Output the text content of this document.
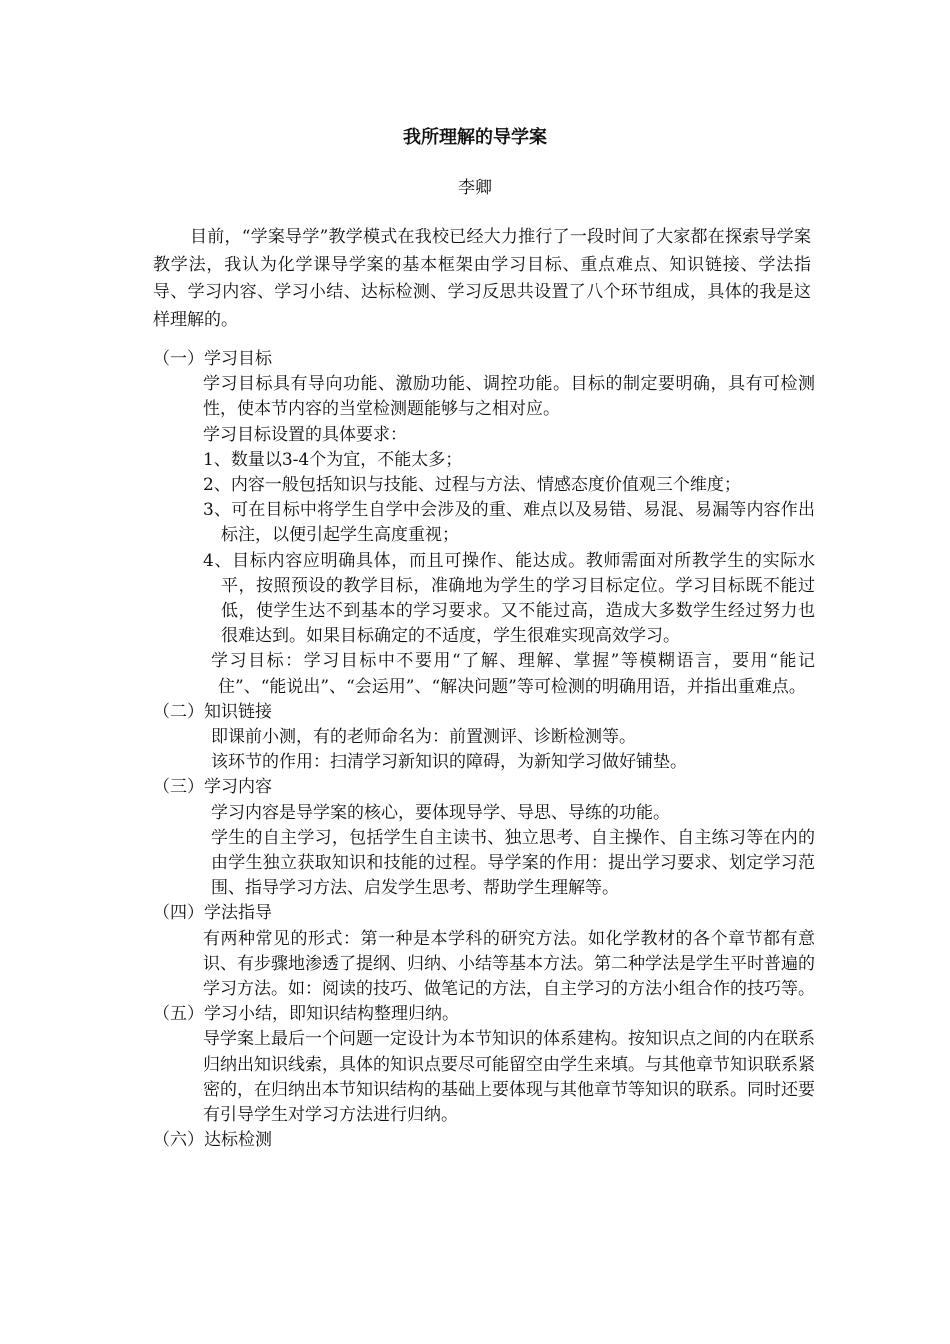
我所理解的导学案
李卿

目前，“学案导学”教学模式在我校已经大力推行了一段时间了大家都在探索导学案教学法，我认为化学课导学案的基本框架由学习目标、重点难点、知识链接、学法指导、学习内容、学习小结、达标检测、学习反思共设置了八个环节组成，具体的我是这样理解的。

（一）学习目标

学习目标具有导向功能、激励功能、调控功能。目标的制定要明确，具有可检测性，使本节内容的当堂检测题能够与之相对应。

学习目标设置的具体要求：

1、数量以3-4个为宜，不能太多；

2、内容一般包括知识与技能、过程与方法、情感态度价值观三个维度；

3、可在目标中将学生自学中会涉及的重、难点以及易错、易混、易漏等内容作出标注，以便引起学生高度重视；

4、目标内容应明确具体，而且可操作、能达成。教师需面对所教学生的实际水平，按照预设的教学目标，准确地为学生的学习目标定位。学习目标既不能过低，使学生达不到基本的学习要求。又不能过高，造成大多数学生经过努力也很难达到。如果目标确定的不适度，学生很难实现高效学习。

学习目标：学习目标中不要用“了解、理解、掌握”等模糊语言，要用“能记住”、“能说出”、“会运用”、“解决问题”等可检测的明确用语，并指出重难点。

（二）知识链接

即课前小测，有的老师命名为：前置测评、诊断检测等。

该环节的作用：扫清学习新知识的障碍，为新知学习做好铺垫。

（三）学习内容

学习内容是导学案的核心，要体现导学、导思、导练的功能。

学生的自主学习，包括学生自主读书、独立思考、自主操作、自主练习等在内的由学生独立获取知识和技能的过程。导学案的作用：提出学习要求、划定学习范围、指导学习方法、启发学生思考、帮助学生理解等。

（四）学法指导

有两种常见的形式：第一种是本学科的研究方法。如化学教材的各个章节都有意识、有步骤地渗透了提纲、归纳、小结等基本方法。第二种学法是学生平时普遍的学习方法。如：阅读的技巧、做笔记的方法，自主学习的方法小组合作的技巧等。

（五）学习小结，即知识结构整理归纳。

导学案上最后一个问题一定设计为本节知识的体系建构。按知识点之间的内在联系归纳出知识线索，具体的知识点要尽可能留空由学生来填。与其他章节知识联系紧密的，在归纳出本节知识结构的基础上要体现与其他章节等知识的联系。同时还要有引导学生对学习方法进行归纳。

（六）达标检测
